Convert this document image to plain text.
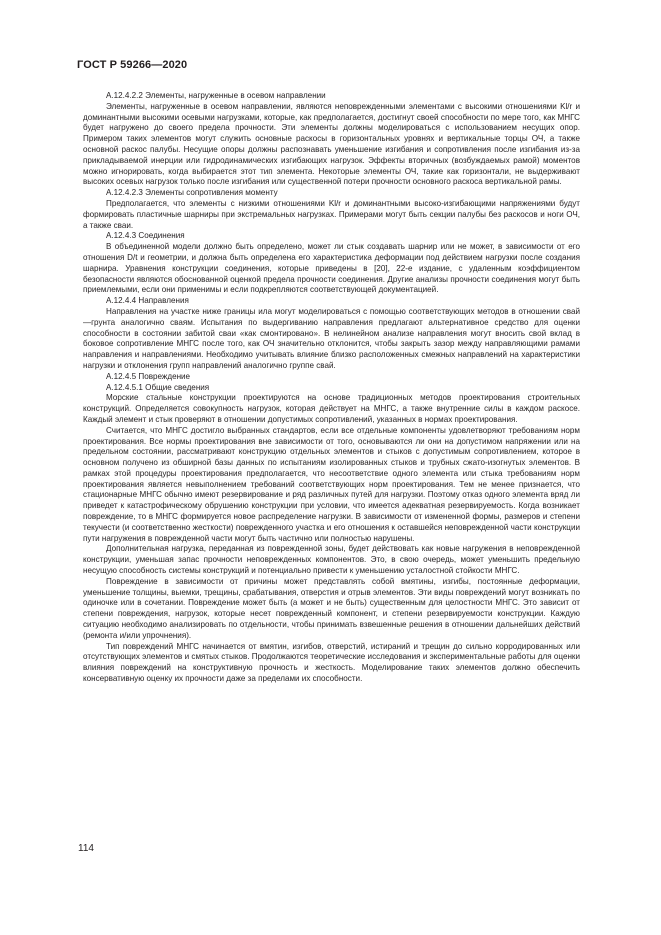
ГОСТ Р 59266—2020

А.12.4.2.2 Элементы, нагруженные в осевом направлении

Элементы, нагруженные в осевом направлении, являются неповрежденными элементами с высокими отношениями Kl/r и доминантными высокими осевыми нагрузками, которые, как предполагается, достигнут своей способности по мере того, как МНГС будет нагружено до своего предела прочности. Эти элементы должны моделироваться с использованием несущих опор. Примером таких элементов могут служить основные раскосы в горизонтальных уровнях и вертикальные торцы ОЧ, а также основной раскос палубы. Несущие опоры должны распознавать уменьшение изгибания и сопротивления после изгибания из-за прикладываемой инерции или гидродинамических изгибающих нагрузок. Эффекты вторичных (возбуждаемых рамой) моментов можно игнорировать, когда выбирается этот тип элемента. Некоторые элементы ОЧ, такие как горизонтали, не выдерживают высоких осевых нагрузок только после изгибания или существенной потери прочности основного раскоса вертикальной рамы.

А.12.4.2.3 Элементы сопротивления моменту

Предполагается, что элементы с низкими отношениями Kl/r и доминантными высоко-изгибающими напряжениями будут формировать пластичные шарниры при экстремальных нагрузках. Примерами могут быть секции палубы без раскосов и ноги ОЧ, а также сваи.

А.12.4.3 Соединения

В объединенной модели должно быть определено, может ли стык создавать шарнир или не может, в зависимости от его отношения D/t и геометрии, и должна быть определена его характеристика деформации под действием нагрузки после создания шарнира. Уравнения конструкции соединения, которые приведены в [20], 22-е издание, с удаленным коэффициентом безопасности являются обоснованной оценкой предела прочности соединения. Другие анализы прочности соединения могут быть приемлемыми, если они применимы и если подкрепляются соответствующей документацией.

А.12.4.4 Направления

Направления на участке ниже границы ила могут моделироваться с помощью соответствующих методов в отношении свай—грунта аналогично сваям. Испытания по выдергиванию направления предлагают альтернативное средство для оценки способности в состоянии забитой сваи «как смонтировано». В нелинейном анализе направления могут вносить свой вклад в боковое сопротивление МНГС после того, как ОЧ значительно отклонится, чтобы закрыть зазор между направляющими рамами направления и направлениями. Необходимо учитывать влияние близко расположенных смежных направлений на характеристики нагрузки и отклонения групп направлений аналогично группе свай.

А.12.4.5 Повреждение

А.12.4.5.1 Общие сведения

Морские стальные конструкции проектируются на основе традиционных методов проектирования строительных конструкций. Определяется совокупность нагрузок, которая действует на МНГС, а также внутренние силы в каждом раскосе. Каждый элемент и стык проверяют в отношении допустимых сопротивлений, указанных в нормах проектирования.

Считается, что МНГС достигло выбранных стандартов, если все отдельные компоненты удовлетворяют требованиям норм проектирования. Все нормы проектирования вне зависимости от того, основываются ли они на допустимом напряжении или на предельном состоянии, рассматривают конструкцию отдельных элементов и стыков с допустимым сопротивлением, которое в основном получено из обширной базы данных по испытаниям изолированных стыков и трубных сжато-изогнутых элементов. В рамках этой процедуры проектирования предполагается, что несоответствие одного элемента или стыка требованиям норм проектирования является невыполнением требований соответствующих норм проектирования. Тем не менее признается, что стационарные МНГС обычно имеют резервирование и ряд различных путей для нагрузки. Поэтому отказ одного элемента вряд ли приведет к катастрофическому обрушению конструкции при условии, что имеется адекватная резервируемость. Когда возникает повреждение, то в МНГС формируется новое распределение нагрузки. В зависимости от измененной формы, размеров и степени текучести (и соответственно жесткости) поврежденного участка и его отношения к оставшейся неповрежденной части конструкции пути нагружения в поврежденной части могут быть частично или полностью нарушены.

Дополнительная нагрузка, переданная из поврежденной зоны, будет действовать как новые нагружения в неповрежденной конструкции, уменьшая запас прочности неповрежденных компонентов. Это, в свою очередь, может уменьшить предельную несущую способность системы конструкций и потенциально привести к уменьшению усталостной стойкости МНГС.

Повреждение в зависимости от причины может представлять собой вмятины, изгибы, постоянные деформации, уменьшение толщины, выемки, трещины, срабатывания, отверстия и отрыв элементов. Эти виды повреждений могут возникать по одиночке или в сочетании. Повреждение может быть (а может и не быть) существенным для целостности МНГС. Это зависит от степени повреждения, нагрузок, которые несет поврежденный компонент, и степени резервируемости конструкции. Каждую ситуацию необходимо анализировать по отдельности, чтобы принимать взвешенные решения в отношении дальнейших действий (ремонта и/или упрочнения).

Тип повреждений МНГС начинается от вмятин, изгибов, отверстий, истираний и трещин до сильно корродированных или отсутствующих элементов и смятых стыков. Продолжаются теоретические исследования и экспериментальные работы для оценки влияния повреждений на конструктивную прочность и жесткость. Моделирование таких элементов должно обеспечить консервативную оценку их прочности даже за пределами их способности.

114
